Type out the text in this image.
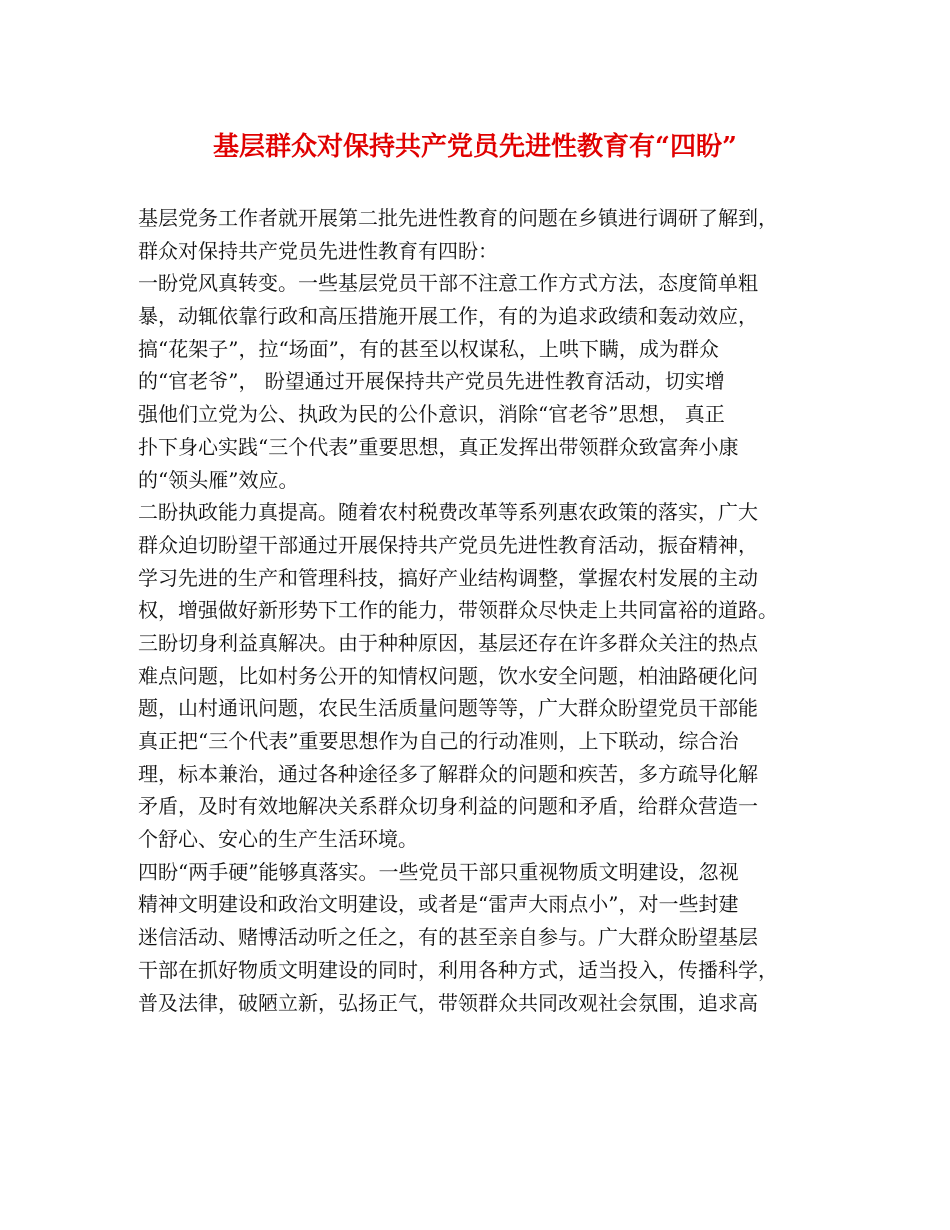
基层群众对保持共产党员先进性教育有“四盼”
基层党务工作者就开展第二批先进性教育的问题在乡镇进行调研了解到，
群众对保持共产党员先进性教育有四盼：
一盼党风真转变。一些基层党员干部不注意工作方式方法，态度简单粗
暴，动辄依靠行政和高压措施开展工作，有的为追求政绩和轰动效应，
搞“花架子”，拉“场面”，有的甚至以权谋私，上哄下瞒，成为群众
的“官老爷”， 盼望通过开展保持共产党员先进性教育活动，切实增
强他们立党为公、执政为民的公仆意识，消除“官老爷”思想， 真正
扑下身心实践“三个代表”重要思想，真正发挥出带领群众致富奔小康
的“领头雁”效应。
二盼执政能力真提高。随着农村税费改革等系列惠农政策的落实，广大
群众迫切盼望干部通过开展保持共产党员先进性教育活动，振奋精神，
学习先进的生产和管理科技，搞好产业结构调整，掌握农村发展的主动
权，增强做好新形势下工作的能力，带领群众尽快走上共同富裕的道路。
三盼切身利益真解决。由于种种原因，基层还存在许多群众关注的热点
难点问题，比如村务公开的知情权问题，饮水安全问题，柏油路硬化问
题，山村通讯问题，农民生活质量问题等等，广大群众盼望党员干部能
真正把“三个代表”重要思想作为自己的行动准则，上下联动，综合治
理，标本兼治，通过各种途径多了解群众的问题和疾苦，多方疏导化解
矛盾，及时有效地解决关系群众切身利益的问题和矛盾，给群众营造一
个舒心、安心的生产生活环境。
四盼“两手硬”能够真落实。一些党员干部只重视物质文明建设，忽视
精神文明建设和政治文明建设，或者是“雷声大雨点小”，对一些封建
迷信活动、赌博活动听之任之，有的甚至亲自参与。广大群众盼望基层
干部在抓好物质文明建设的同时，利用各种方式，适当投入，传播科学，
普及法律，破陋立新，弘扬正气，带领群众共同改观社会氛围，追求高
